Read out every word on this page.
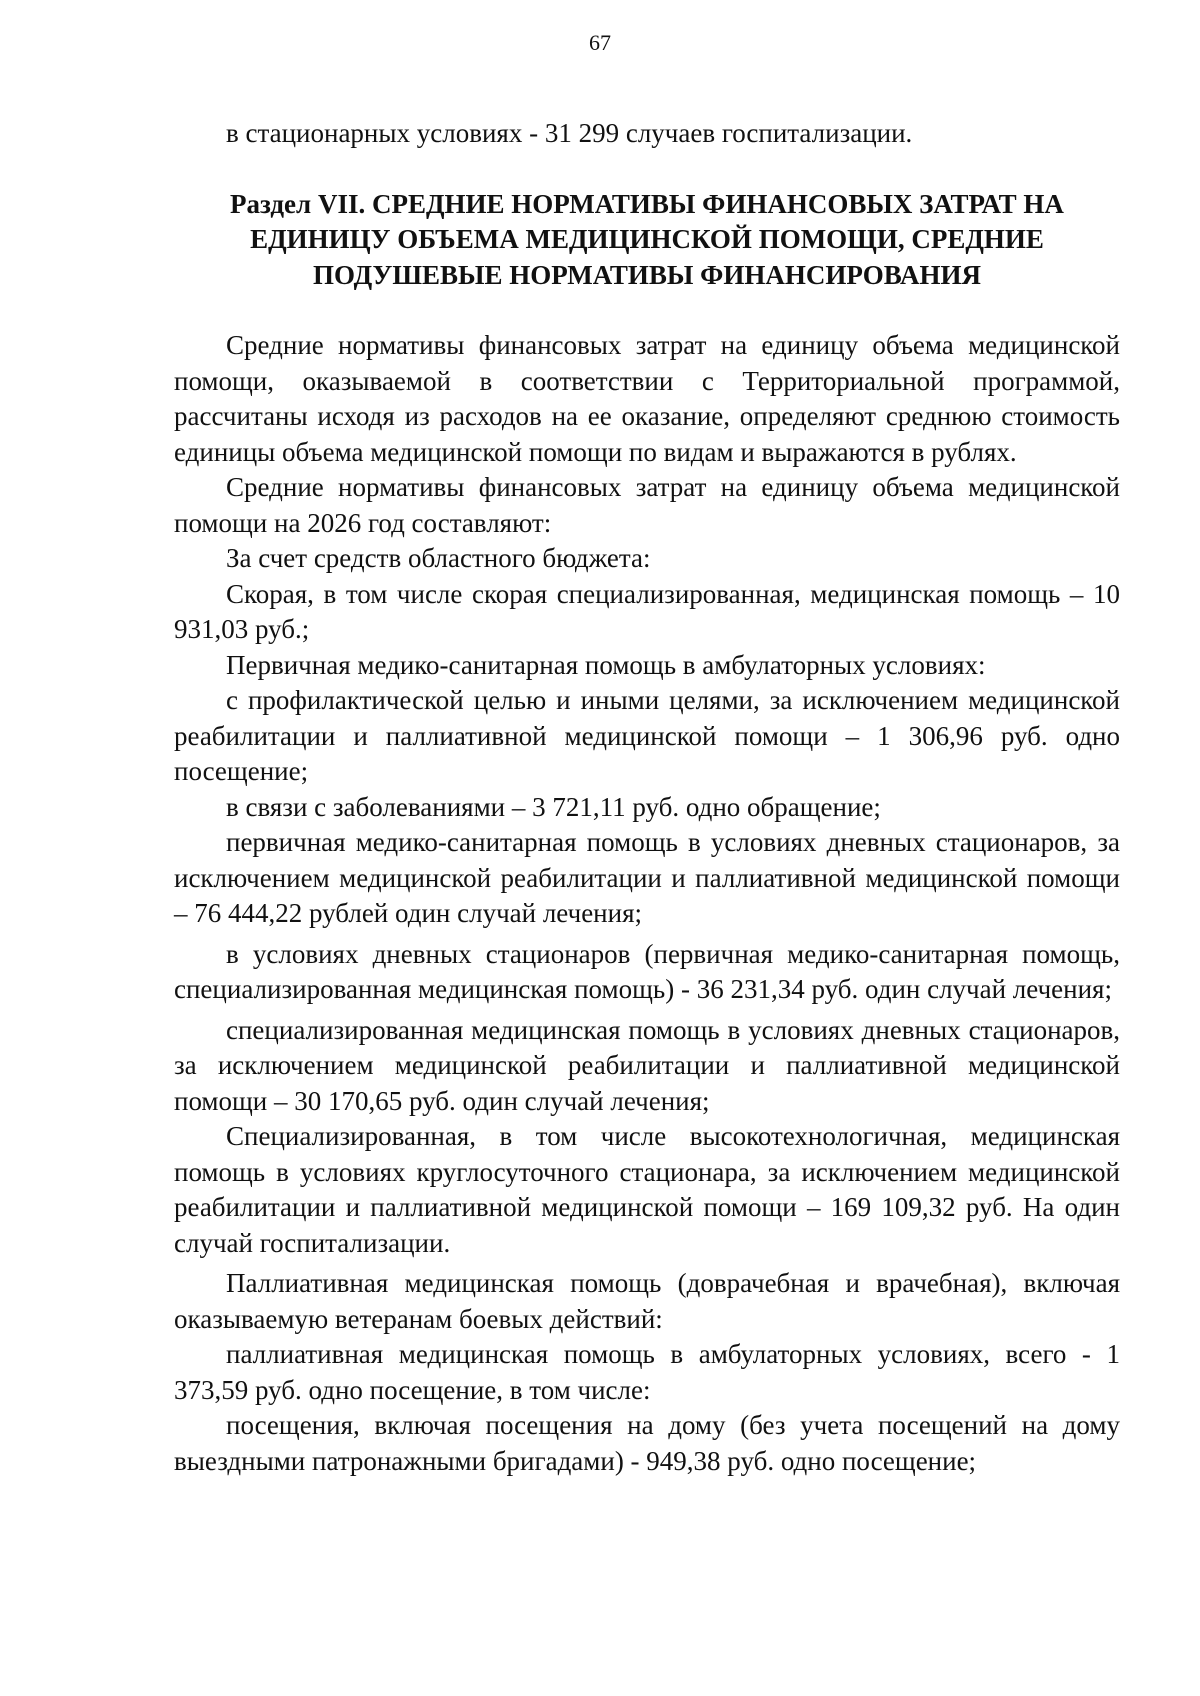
67

в стационарных условиях - 31 299 случаев госпитализации.

Раздел VII. СРЕДНИЕ НОРМАТИВЫ ФИНАНСОВЫХ ЗАТРАТ НА ЕДИНИЦУ ОБЪЕМА МЕДИЦИНСКОЙ ПОМОЩИ, СРЕДНИЕ ПОДУШЕВЫЕ НОРМАТИВЫ ФИНАНСИРОВАНИЯ

Средние нормативы финансовых затрат на единицу объема медицинской помощи, оказываемой в соответствии с Территориальной программой, рассчитаны исходя из расходов на ее оказание, определяют среднюю стоимость единицы объема медицинской помощи по видам и выражаются в рублях.

Средние нормативы финансовых затрат на единицу объема медицинской помощи на 2026 год составляют:

За счет средств областного бюджета:

Скорая, в том числе скорая специализированная, медицинская помощь – 10 931,03 руб.;

Первичная медико-санитарная помощь в амбулаторных условиях:

с профилактической целью и иными целями, за исключением медицинской реабилитации и паллиативной медицинской помощи – 1 306,96 руб. одно посещение;

в связи с заболеваниями – 3 721,11 руб. одно обращение;

первичная медико-санитарная помощь в условиях дневных стационаров, за исключением медицинской реабилитации и паллиативной медицинской помощи – 76 444,22 рублей один случай лечения;

в условиях дневных стационаров (первичная медико-санитарная помощь, специализированная медицинская помощь) - 36 231,34 руб. один случай лечения;

специализированная медицинская помощь в условиях дневных стационаров, за исключением медицинской реабилитации и паллиативной медицинской помощи – 30 170,65 руб. один случай лечения;

Специализированная, в том числе высокотехнологичная, медицинская помощь в условиях круглосуточного стационара, за исключением медицинской реабилитации и паллиативной медицинской помощи – 169 109,32 руб. На один случай госпитализации.

Паллиативная медицинская помощь (доврачебная и врачебная), включая оказываемую ветеранам боевых действий:

паллиативная медицинская помощь в амбулаторных условиях, всего - 1 373,59 руб. одно посещение, в том числе:

посещения, включая посещения на дому (без учета посещений на дому выездными патронажными бригадами) - 949,38 руб. одно посещение;
